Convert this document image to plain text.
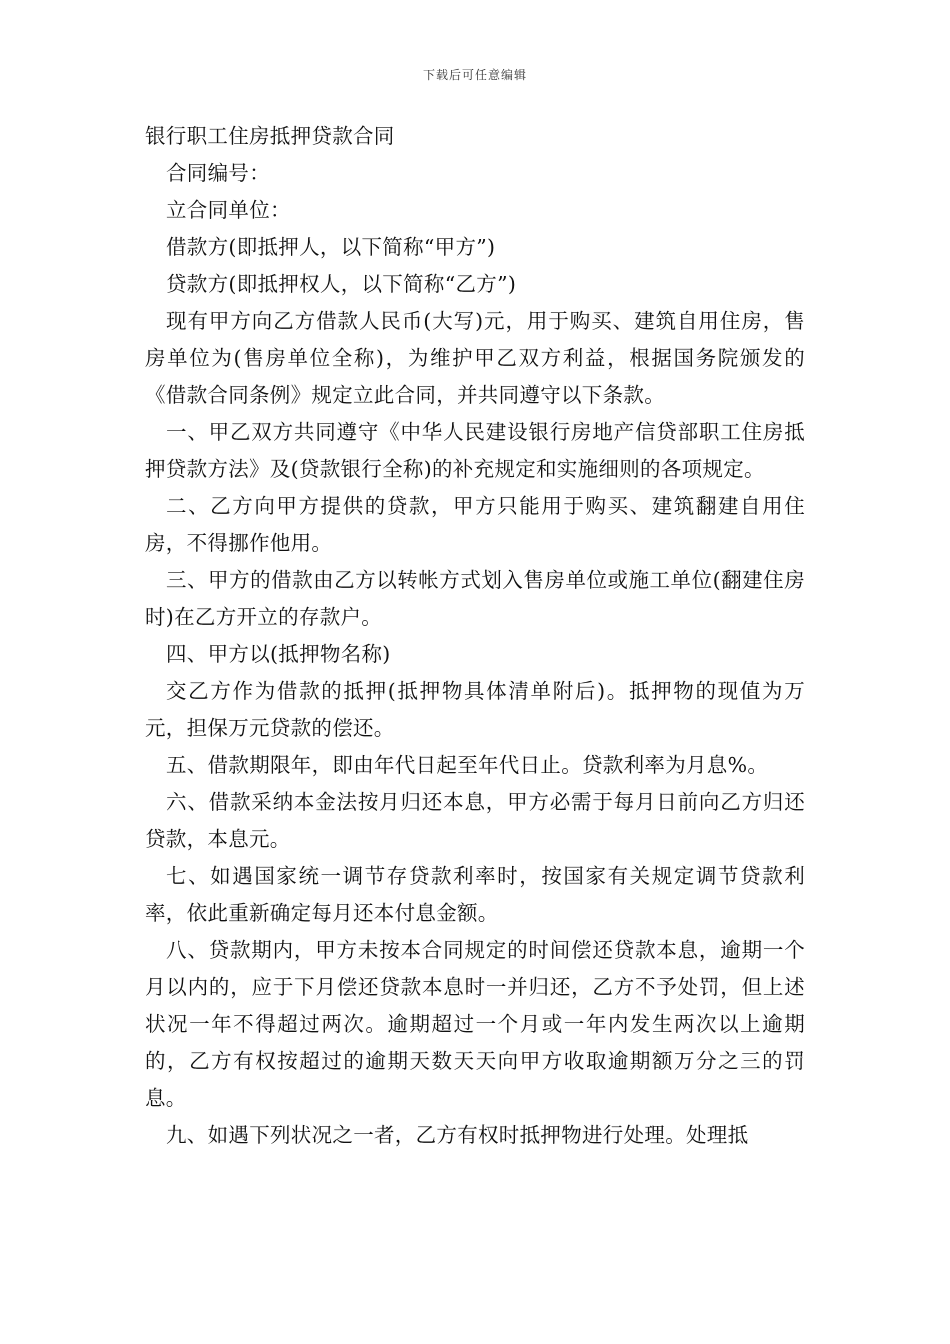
下载后可任意编辑

银行职工住房抵押贷款合同

合同编号：

立合同单位：

借款方(即抵押人，以下简称“甲方”)

贷款方(即抵押权人，以下简称“乙方”)

现有甲方向乙方借款人民币(大写)元，用于购买、建筑自用住房，售房单位为(售房单位全称)，为维护甲乙双方利益，根据国务院颁发的《借款合同条例》规定立此合同，并共同遵守以下条款。

一、甲乙双方共同遵守《中华人民建设银行房地产信贷部职工住房抵押贷款方法》及(贷款银行全称)的补充规定和实施细则的各项规定。

二、乙方向甲方提供的贷款，甲方只能用于购买、建筑翻建自用住房，不得挪作他用。

三、甲方的借款由乙方以转帐方式划入售房单位或施工单位(翻建住房时)在乙方开立的存款户。

四、甲方以(抵押物名称)

交乙方作为借款的抵押(抵押物具体清单附后)。抵押物的现值为万元，担保万元贷款的偿还。

五、借款期限年，即由年代日起至年代日止。贷款利率为月息%。

六、借款采纳本金法按月归还本息，甲方必需于每月日前向乙方归还贷款，本息元。

七、如遇国家统一调节存贷款利率时，按国家有关规定调节贷款利率，依此重新确定每月还本付息金额。

八、贷款期内，甲方未按本合同规定的时间偿还贷款本息，逾期一个月以内的，应于下月偿还贷款本息时一并归还，乙方不予处罚，但上述状况一年不得超过两次。逾期超过一个月或一年内发生两次以上逾期的，乙方有权按超过的逾期天数天天向甲方收取逾期额万分之三的罚息。

九、如遇下列状况之一者，乙方有权时抵押物进行处理。处理抵
